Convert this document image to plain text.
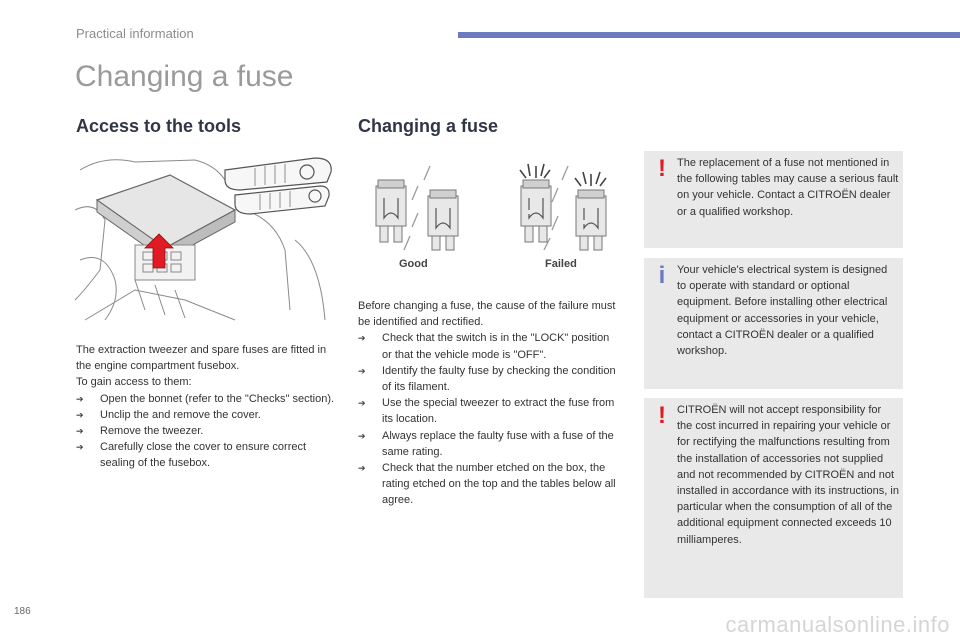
Practical information
Changing a fuse
Access to the tools	Changing a fuse
Good	Failed

The extraction tweezer and spare fuses are fitted in the engine compartment fusebox.

To gain access to them:

➔ Open the bonnet (refer to the "Checks" section).
➔ Unclip the and remove the cover.
➔ Remove the tweezer.
➔ Carefully close the cover to ensure correct sealing of the fusebox.

Before changing a fuse, the cause of the failure must be identified and rectified.

➔ Check that the switch is in the "LOCK" position or that the vehicle mode is "OFF".
➔ Identify the faulty fuse by checking the condition of its filament.
➔ Use the special tweezer to extract the fuse from its location.
➔ Always replace the faulty fuse with a fuse of the same rating.
➔ Check that the number etched on the box, the rating etched on the top and the tables below all agree.
!	The replacement of a fuse not mentioned in the following tables may cause a serious fault on your vehicle. Contact a CITROËN dealer or a qualified workshop.
i	Your vehicle's electrical system is designed to operate with standard or optional equipment. Before installing other electrical equipment or accessories in your vehicle, contact a CITROËN dealer or a qualified workshop.
!	CITROËN will not accept responsibility for the cost incurred in repairing your vehicle or for rectifying the malfunctions resulting from the installation of accessories not supplied and not recommended by CITROËN and not installed in accordance with its instructions, in particular when the consumption of all of the additional equipment connected exceeds 10 milliamperes.
186
carmanualsonline.info
